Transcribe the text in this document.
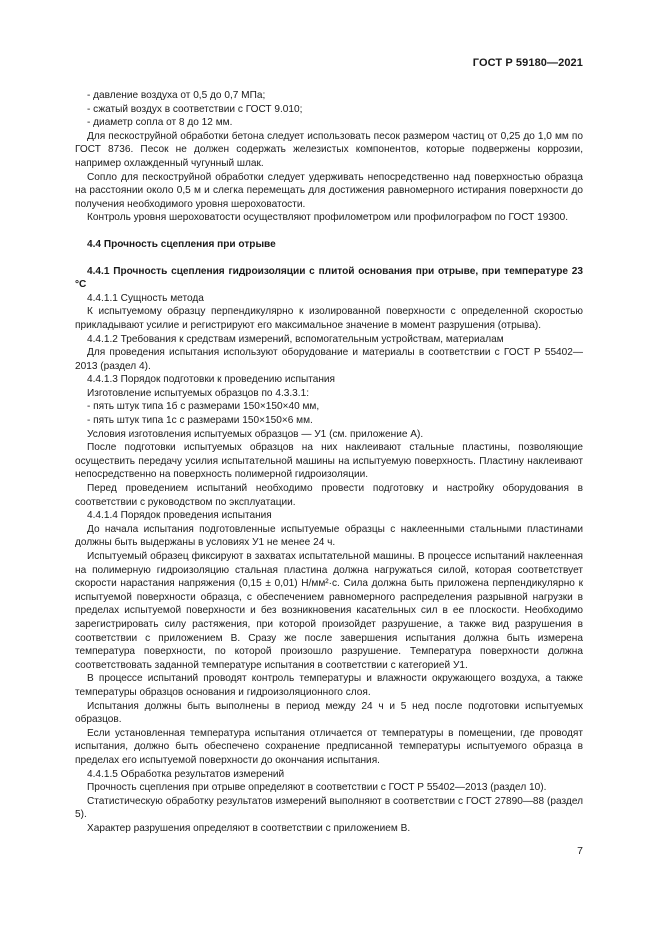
ГОСТ Р 59180—2021

- давление воздуха от 0,5 до 0,7 МПа;

- сжатый воздух в соответствии с ГОСТ 9.010;

- диаметр сопла от 8 до 12 мм.

Для пескоструйной обработки бетона следует использовать песок размером частиц от 0,25 до 1,0 мм по ГОСТ 8736. Песок не должен содержать железистых компонентов, которые подвержены коррозии, например охлажденный чугунный шлак.

Сопло для пескоструйной обработки следует удерживать непосредственно над поверхностью образца на расстоянии около 0,5 м и слегка перемещать для достижения равномерного истирания поверхности до получения необходимого уровня шероховатости.

Контроль уровня шероховатости осуществляют профилометром или профилографом по ГОСТ 19300.

4.4 Прочность сцепления при отрыве

4.4.1 Прочность сцепления гидроизоляции с плитой основания при отрыве, при температуре 23 °С

4.4.1.1 Сущность метода

К испытуемому образцу перпендикулярно к изолированной поверхности с определенной скоростью прикладывают усилие и регистрируют его максимальное значение в момент разрушения (отрыва).

4.4.1.2 Требования к средствам измерений, вспомогательным устройствам, материалам

Для проведения испытания используют оборудование и материалы в соответствии с ГОСТ Р 55402—2013 (раздел 4).

4.4.1.3 Порядок подготовки к проведению испытания

Изготовление испытуемых образцов по 4.3.3.1:

- пять штук типа 1б с размерами 150×150×40 мм,

- пять штук типа 1с с размерами 150×150×6 мм.

Условия изготовления испытуемых образцов — У1 (см. приложение А).

После подготовки испытуемых образцов на них наклеивают стальные пластины, позволяющие осуществить передачу усилия испытательной машины на испытуемую поверхность. Пластину наклеивают непосредственно на поверхность полимерной гидроизоляции.

Перед проведением испытаний необходимо провести подготовку и настройку оборудования в соответствии с руководством по эксплуатации.

4.4.1.4 Порядок проведения испытания

До начала испытания подготовленные испытуемые образцы с наклеенными стальными пластинами должны быть выдержаны в условиях У1 не менее 24 ч.

Испытуемый образец фиксируют в захватах испытательной машины. В процессе испытаний наклеенная на полимерную гидроизоляцию стальная пластина должна нагружаться силой, которая соответствует скорости нарастания напряжения (0,15 ± 0,01) Н/мм²·с. Сила должна быть приложена перпендикулярно к испытуемой поверхности образца, с обеспечением равномерного распределения разрывной нагрузки в пределах испытуемой поверхности и без возникновения касательных сил в ее плоскости. Необходимо зарегистрировать силу растяжения, при которой произойдет разрушение, а также вид разрушения в соответствии с приложением В. Сразу же после завершения испытания должна быть измерена температура поверхности, по которой произошло разрушение. Температура поверхности должна соответствовать заданной температуре испытания в соответствии с категорией У1.

В процессе испытаний проводят контроль температуры и влажности окружающего воздуха, а также температуры образцов основания и гидроизоляционного слоя.

Испытания должны быть выполнены в период между 24 ч и 5 нед после подготовки испытуемых образцов.

Если установленная температура испытания отличается от температуры в помещении, где проводят испытания, должно быть обеспечено сохранение предписанной температуры испытуемого образца в пределах его испытуемой поверхности до окончания испытания.

4.4.1.5 Обработка результатов измерений

Прочность сцепления при отрыве определяют в соответствии с ГОСТ Р 55402—2013 (раздел 10).

Статистическую обработку результатов измерений выполняют в соответствии с ГОСТ 27890—88 (раздел 5).

Характер разрушения определяют в соответствии с приложением В.

7
